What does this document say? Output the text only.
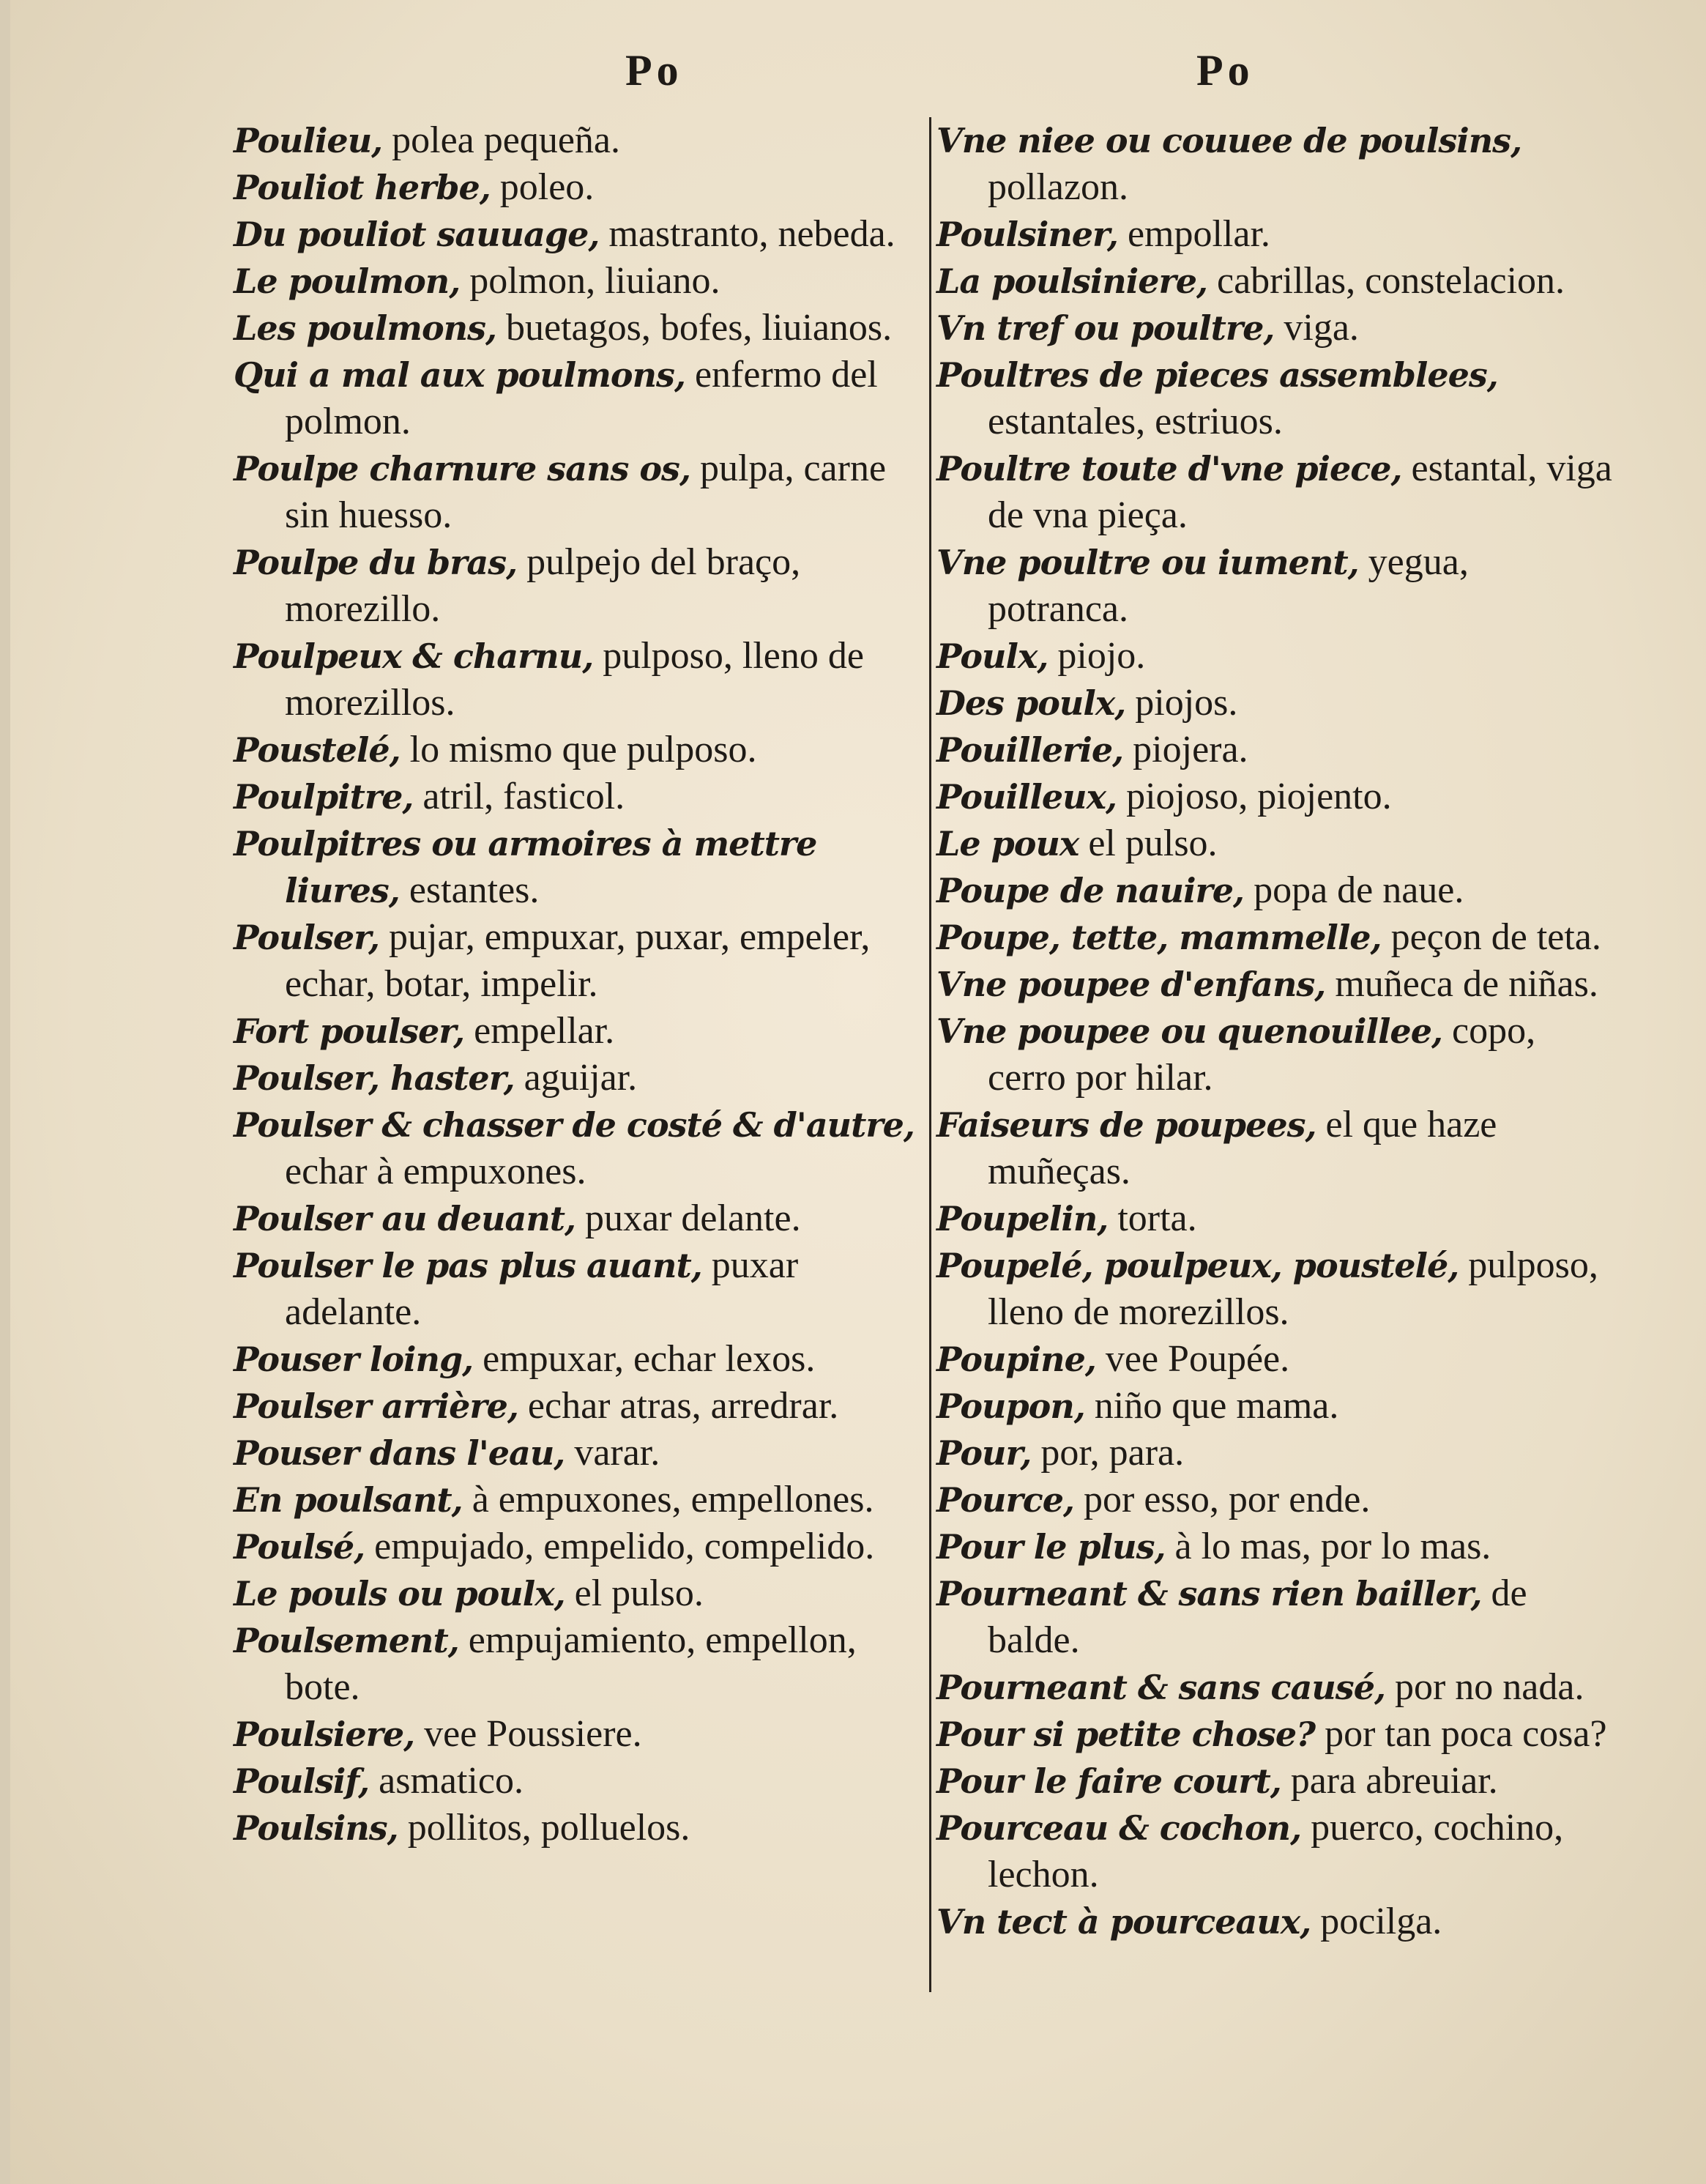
Po	Po
Poulieu, polea pequeña.
Pouliot herbe, poleo.
Du pouliot sauuage, mastranto, nebeda.
Le poulmon, polmon, liuiano.
Les poulmons, buetagos, bofes, liuianos.
Qui a mal aux poulmons, enfermo del polmon.
Poulpe charnure sans os, pulpa, carne sin huesso.
Poulpe du bras, pulpejo del braço, morezillo.
Poulpeux & charnu, pulposo, lleno de morezillos.
Poustelé, lo mismo que pulposo.
Poulpitre, atril, fasticol.
Poulpitres ou armoires à mettre liures, estantes.
Poulser, pujar, empuxar, puxar, empeler, echar, botar, impelir.
Fort poulser, empellar.
Poulser, haster, aguijar.
Poulser & chasser de costé & d'autre, echar à empuxones.
Poulser au deuant, puxar delante.
Poulser le pas plus auant, puxar adelante.
Pouser loing, empuxar, echar lexos.
Poulser arrière, echar atras, arredrar.
Pouser dans l'eau, varar.
En poulsant, à empuxones, empellones.
Poulsé, empujado, empelido, compelido.
Le pouls ou poulx, el pulso.
Poulsement, empujamiento, empellon, bote.
Poulsiere, vee Poussiere.
Poulsif, asmatico.
Poulsins, pollitos, polluelos.
Vne niee ou couuee de poulsins, pollazon.
Poulsiner, empollar.
La poulsiniere, cabrillas, constelacion.
Vn tref ou poultre, viga.
Poultres de pieces assemblees, estantales, estriuos.
Poultre toute d'vne piece, estantal, viga de vna pieça.
Vne poultre ou iument, yegua, potranca.
Poulx, piojo.
Des poulx, piojos.
Pouillerie, piojera.
Pouilleux, piojoso, piojento.
Le poux el pulso.
Poupe de nauire, popa de naue.
Poupe, tette, mammelle, peçon de teta.
Vne poupee d'enfans, muñeca de niñas.
Vne poupee ou quenouillee, copo, cerro por hilar.
Faiseurs de poupees, el que haze muñeças.
Poupelin, torta.
Poupelé, poulpeux, poustelé, pulposo, lleno de morezillos.
Poupine, vee Poupée.
Poupon, niño que mama.
Pour, por, para.
Pource, por esso, por ende.
Pour le plus, à lo mas, por lo mas.
Pourneant & sans rien bailler, de balde.
Pourneant & sans causé, por no nada.
Pour si petite chose? por tan poca cosa?
Pour le faire court, para abreuiar.
Pourceau & cochon, puerco, cochino, lechon.
Vn tect à pourceaux, pocilga.
